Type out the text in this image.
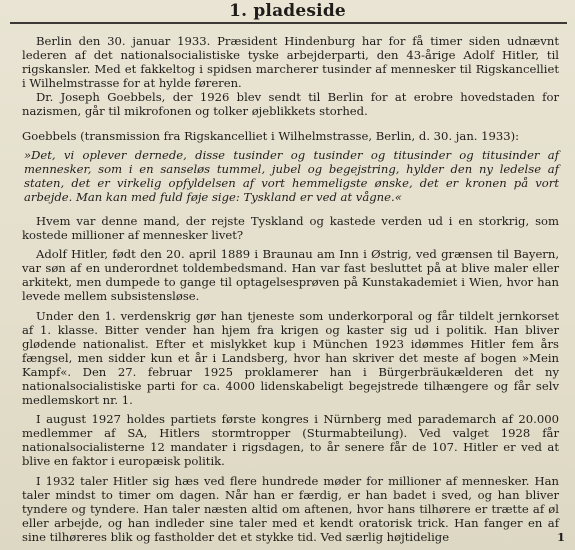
1. pladeside

Berlin den 30. januar 1933. Præsident Hindenburg har for få timer siden udnævnt lederen af det nationalsocialistiske tyske arbejderparti, den 43-årige Adolf Hitler, til rigskansler. Med et fakkeltog i spidsen marcherer tusinder af mennesker til Rigskancelliet i Wilhelmstrasse for at hylde føreren.

Dr. Joseph Goebbels, der 1926 blev sendt til Berlin for at erobre hovedstaden for nazismen, går til mikrofonen og tolker øjeblikkets storhed.

Goebbels (transmission fra Rigskancelliet i Wilhelmstrasse, Berlin, d. 30. jan. 1933):

»Det, vi oplever dernede, disse tusinder og tusinder og titusinder og titusinder af mennesker, som i en sanseløs tummel, jubel og begejstring, hylder den ny ledelse af staten, det er virkelig opfyldelsen af vort hemmeligste ønske, det er kronen på vort arbejde. Man kan med fuld føje sige: Tyskland er ved at vågne.«

Hvem var denne mand, der rejste Tyskland og kastede verden ud i en storkrig, som kostede millioner af mennesker livet?

Adolf Hitler, født den 20. april 1889 i Braunau am Inn i Østrig, ved grænsen til Bayern, var søn af en underordnet toldembedsmand. Han var fast besluttet på at blive maler eller arkitekt, men dumpede to gange til optagelsesprøven på Kunstakademiet i Wien, hvor han levede mellem subsistensløse.

Under den 1. verdenskrig gør han tjeneste som underkorporal og får tildelt jernkorset af 1. klasse. Bitter vender han hjem fra krigen og kaster sig ud i politik. Han bliver glødende nationalist. Efter et mislykket kup i München 1923 idømmes Hitler fem års fængsel, men sidder kun et år i Landsberg, hvor han skriver det meste af bogen »Mein Kampf«. Den 27. februar 1925 proklamerer han i Bürgerbräukælderen det ny nationalsocialistiske parti for ca. 4000 lidenskabeligt begejstrede tilhængere og får selv medlemskort nr. 1.

I august 1927 holdes partiets første kongres i Nürnberg med parademarch af 20.000 medlemmer af SA, Hitlers stormtropper (Sturmabteilung). Ved valget 1928 får nationalsocialisterne 12 mandater i rigsdagen, to år senere får de 107. Hitler er ved at blive en faktor i europæisk politik.

I 1932 taler Hitler sig hæs ved flere hundrede møder for millioner af mennesker. Han taler mindst to timer om dagen. Når han er færdig, er han badet i sved, og han bliver tyndere og tyndere. Han taler næsten altid om aftenen, hvor hans tilhørere er trætte af øl eller arbejde, og han indleder sine taler med et kendt oratorisk trick. Han fanger en af sine tilhøreres blik og fastholder det et stykke tid. Ved særlig højtidelige	1
